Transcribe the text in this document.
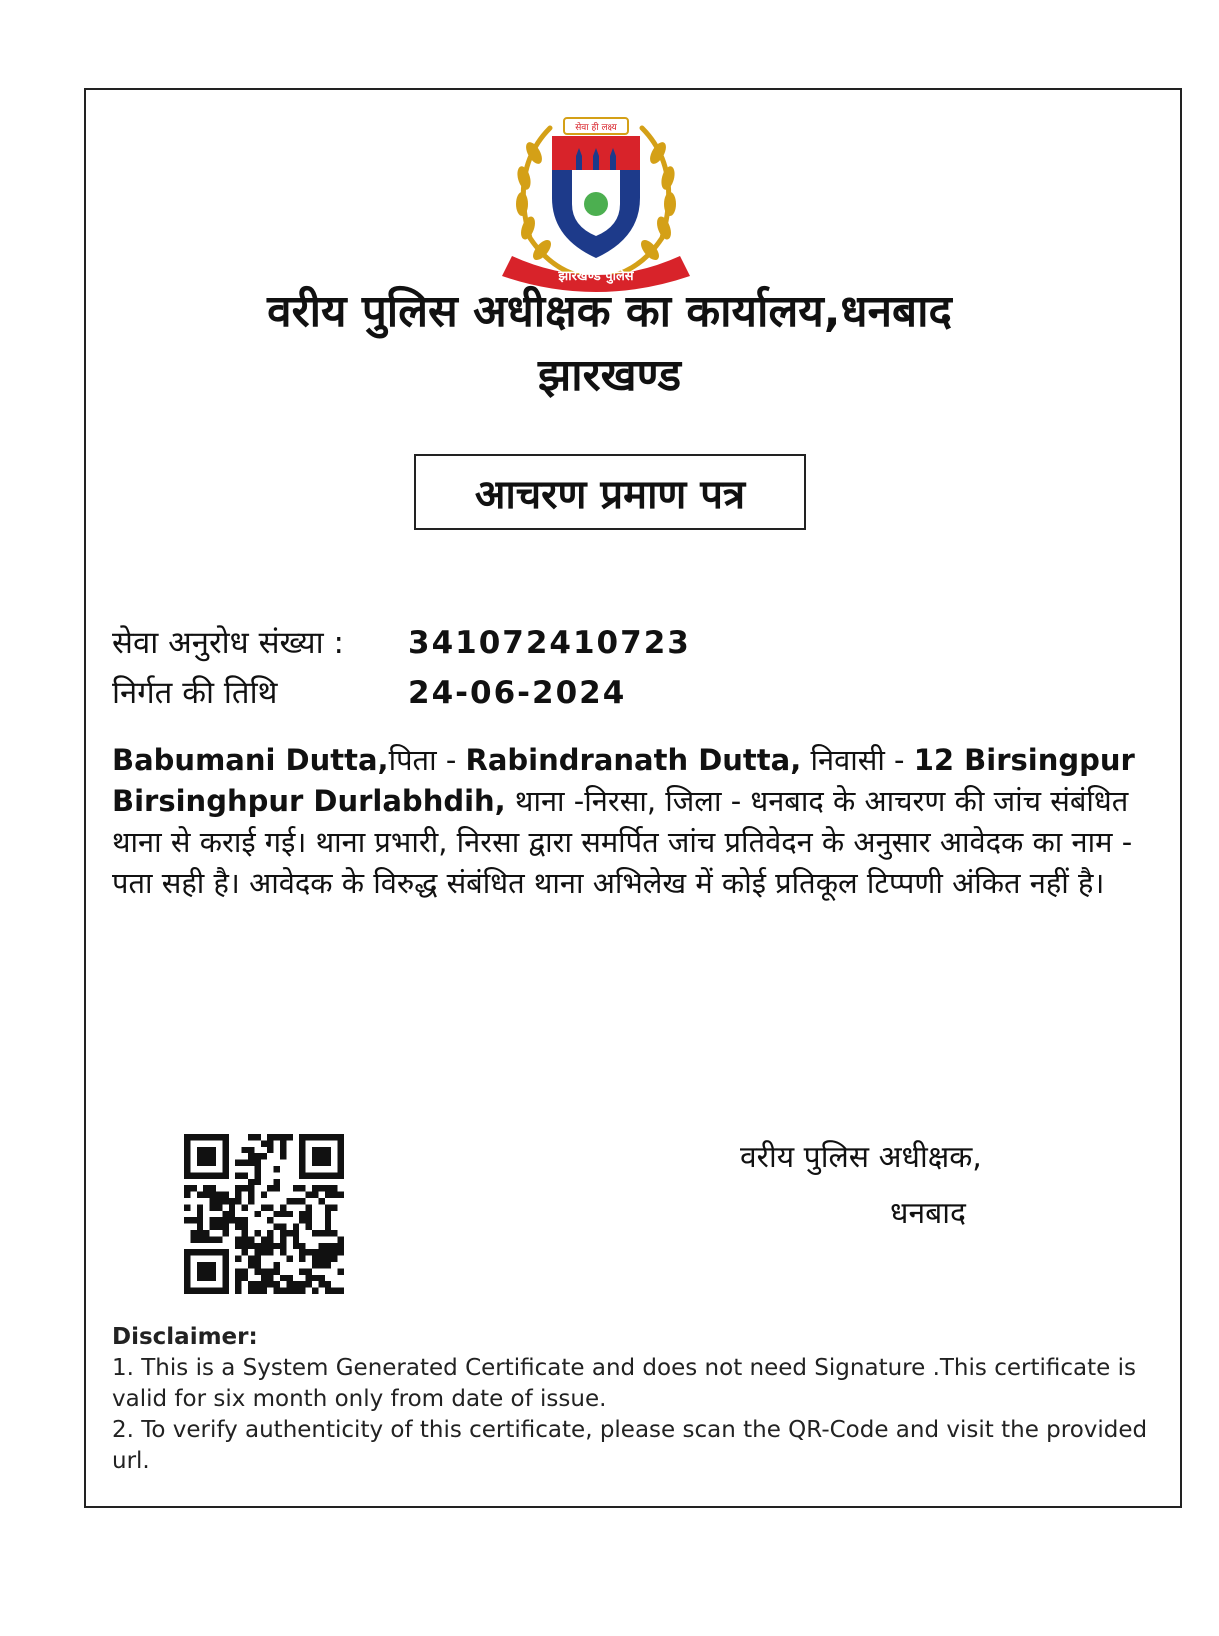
सेवा ही लक्ष्य
झारखण्ड पुलिस
वरीय पुलिस अधीक्षक का कार्यालय,धनबाद
झारखण्ड
आचरण प्रमाण पत्र
सेवा अनुरोध संख्या : 341072410723
निर्गत की तिथि	24-06-2024
Babumani Dutta,पिता - Rabindranath Dutta, निवासी - 12 Birsingpur Birsinghpur Durlabhdih, थाना -निरसा, जिला - धनबाद के आचरण की जांच संबंधित थाना से कराई गई। थाना प्रभारी, निरसा द्वारा समर्पित जांच प्रतिवेदन के अनुसार आवेदक का नाम - पता सही है। आवेदक के विरुद्ध संबंधित थाना अभिलेख में कोई प्रतिकूल टिप्पणी अंकित नहीं है।
वरीय पुलिस अधीक्षक,
धनबाद
Disclaimer:
1. This is a System Generated Certificate and does not need Signature .This certificate is valid for six month only from date of issue.
2. To verify authenticity of this certificate, please scan the QR-Code and visit the provided url.
